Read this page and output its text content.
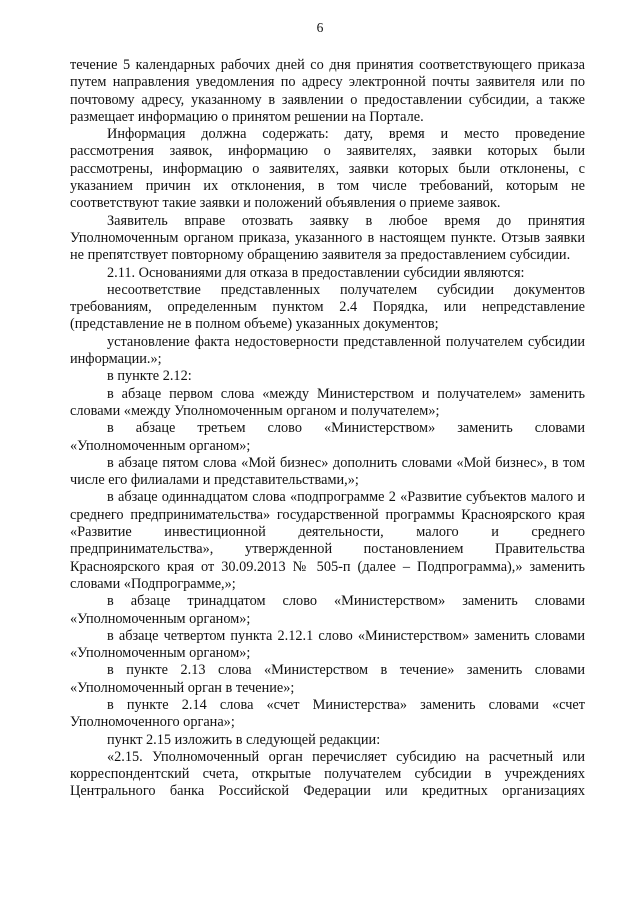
6

течение 5 календарных рабочих дней со дня принятия соответствующего приказа путем направления уведомления по адресу электронной почты заявителя или по почтовому адресу, указанному в заявлении о предоставлении субсидии, а также размещает информацию о принятом решении на Портале.

Информация должна содержать: дату, время и место проведение рассмотрения заявок, информацию о заявителях, заявки которых были рассмотрены, информацию о заявителях, заявки которых были отклонены, с указанием причин их отклонения, в том числе требований, которым не соответствуют такие заявки и положений объявления о приеме заявок.

Заявитель вправе отозвать заявку в любое время до принятия Уполномоченным органом приказа, указанного в настоящем пункте. Отзыв заявки не препятствует повторному обращению заявителя за предоставлением субсидии.

2.11. Основаниями для отказа в предоставлении субсидии являются:

несоответствие представленных получателем субсидии документов требованиям, определенным пунктом 2.4 Порядка, или непредставление (представление не в полном объеме) указанных документов;

установление факта недостоверности представленной получателем субсидии информации.»;

в пункте 2.12:

в абзаце первом слова «между Министерством и получателем» заменить словами «между Уполномоченным органом и получателем»;

в абзаце третьем слово «Министерством» заменить словами «Уполномоченным органом»;

в абзаце пятом слова «Мой бизнес» дополнить словами «Мой бизнес», в том числе его филиалами и представительствами,»;

в абзаце одиннадцатом слова «подпрограмме 2 «Развитие субъектов малого и среднего предпринимательства» государственной программы Красноярского края «Развитие инвестиционной деятельности, малого и среднего предпринимательства», утвержденной постановлением Правительства Красноярского края от 30.09.2013 № 505-п (далее – Подпрограмма),» заменить словами «Подпрограмме,»;

в абзаце тринадцатом слово «Министерством» заменить словами «Уполномоченным органом»;

в абзаце четвертом пункта 2.12.1 слово «Министерством» заменить словами «Уполномоченным органом»;

в пункте 2.13 слова «Министерством в течение» заменить словами «Уполномоченный орган в течение»;

в пункте 2.14 слова «счет Министерства» заменить словами «счет Уполномоченного органа»;

пункт 2.15 изложить в следующей редакции:

«2.15. Уполномоченный орган перечисляет субсидию на расчетный или корреспондентский счета, открытые получателем субсидии в учреждениях Центрального банка Российской Федерации или кредитных организациях
